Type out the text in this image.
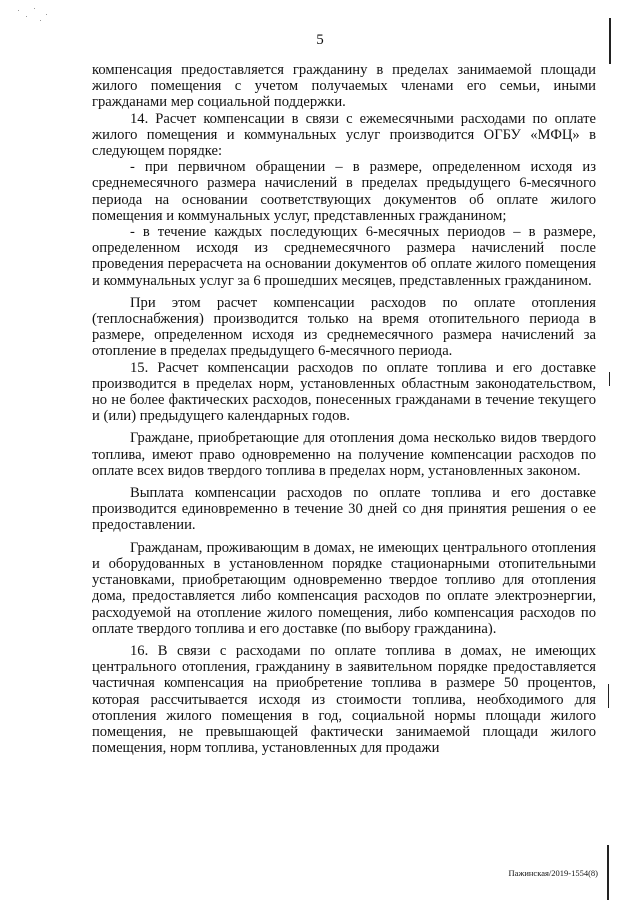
5

компенсация предоставляется гражданину в пределах занимаемой площади жилого помещения с учетом получаемых членами его семьи, иными гражданами мер социальной поддержки.

14. Расчет компенсации в связи с ежемесячными расходами по оплате жилого помещения и коммунальных услуг производится ОГБУ «МФЦ» в следующем порядке:

- при первичном обращении – в размере, определенном исходя из среднемесячного размера начислений в пределах предыдущего 6-месячного периода на основании соответствующих документов об оплате жилого помещения и коммунальных услуг, представленных гражданином;

- в течение каждых последующих 6-месячных периодов – в размере, определенном исходя из среднемесячного размера начислений после проведения перерасчета на основании документов об оплате жилого помещения и коммунальных услуг за 6 прошедших месяцев, представленных гражданином.

При этом расчет компенсации расходов по оплате отопления (теплоснабжения) производится только на время отопительного периода в размере, определенном исходя из среднемесячного размера начислений за отопление в пределах предыдущего 6-месячного периода.

15. Расчет компенсации расходов по оплате топлива и его доставке производится в пределах норм, установленных областным законодательством, но не более фактических расходов, понесенных гражданами в течение текущего и (или) предыдущего календарных годов.

Граждане, приобретающие для отопления дома несколько видов твердого топлива, имеют право одновременно на получение компенсации расходов по оплате всех видов твердого топлива в пределах норм, установленных законом.

Выплата компенсации расходов по оплате топлива и его доставке производится единовременно в течение 30 дней со дня принятия решения о ее предоставлении.

Гражданам, проживающим в домах, не имеющих центрального отопления и оборудованных в установленном порядке стационарными отопительными установками, приобретающим одновременно твердое топливо для отопления дома, предоставляется либо компенсация расходов по оплате электроэнергии, расходуемой на отопление жилого помещения, либо компенсация расходов по оплате твердого топлива и его доставке (по выбору гражданина).

16. В связи с расходами по оплате топлива в домах, не имеющих центрального отопления, гражданину в заявительном порядке предоставляется частичная компенсация на приобретение топлива в размере 50 процентов, которая рассчитывается исходя из стоимости топлива, необходимого для отопления жилого помещения в год, социальной нормы площади жилого помещения, не превышающей фактически занимаемой площади жилого помещения, норм топлива, установленных для продажи

Пажинская/2019-1554(8)
